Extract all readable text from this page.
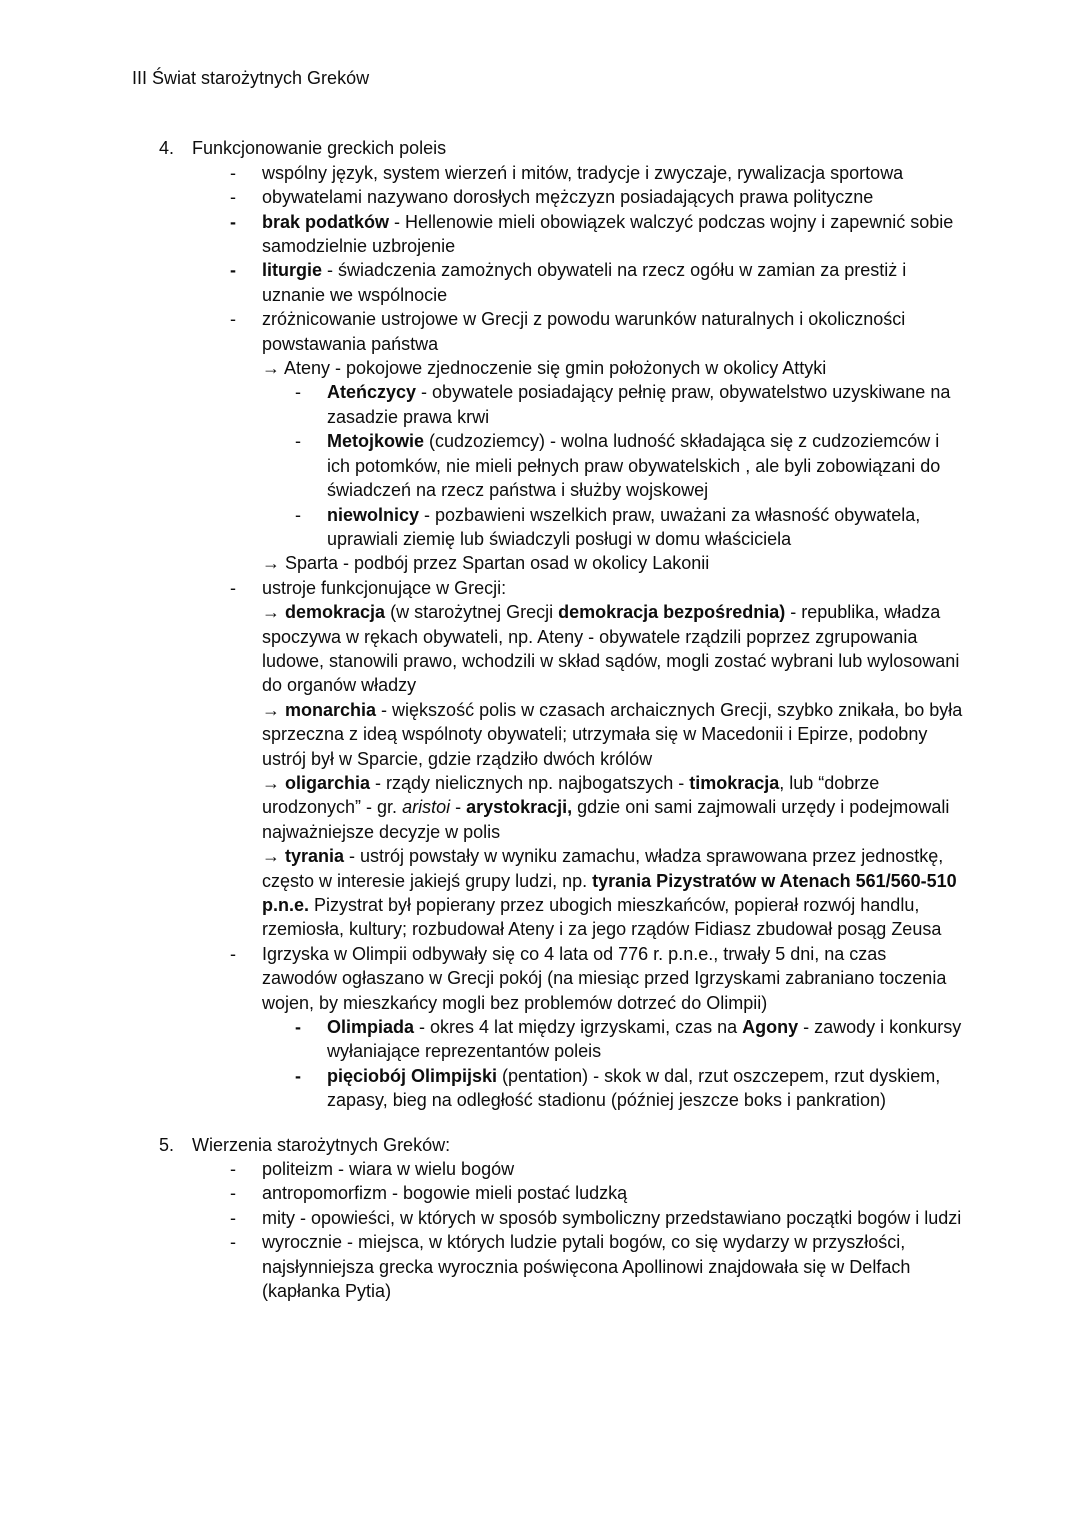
III Świat starożytnych Greków
4. Funkcjonowanie greckich poleis
-	wspólny język, system wierzeń i mitów, tradycje i zwyczaje, rywalizacja sportowa
-	obywatelami nazywano dorosłych mężczyzn posiadających prawa polityczne
-	brak podatków - Hellenowie mieli obowiązek walczyć podczas wojny i zapewnić sobie samodzielnie uzbrojenie
-	liturgie - świadczenia zamożnych obywateli na rzecz ogółu w zamian za prestiż i uznanie we wspólnocie
-	zróżnicowanie ustrojowe w Grecji z powodu warunków naturalnych i okoliczności powstawania państwa
→ Ateny - pokojowe zjednoczenie się gmin położonych w okolicy Attyki
-	Ateńczycy - obywatele posiadający pełnię praw, obywatelstwo uzyskiwane na zasadzie prawa krwi
-	Metojkowie (cudzoziemcy) - wolna ludność składająca się z cudzoziemców i ich potomków, nie mieli pełnych praw obywatelskich , ale byli zobowiązani do świadczeń na rzecz państwa i służby wojskowej
-	niewolnicy - pozbawieni wszelkich praw, uważani za własność obywatela, uprawiali ziemię lub świadczyli posługi w domu właściciela
→ Sparta - podbój przez Spartan osad w okolicy Lakonii
-	ustroje funkcjonujące w Grecji:
→ demokracja (w starożytnej Grecji demokracja bezpośrednia) - republika, władza spoczywa w rękach obywateli, np. Ateny - obywatele rządzili poprzez zgrupowania ludowe, stanowili prawo, wchodzili w skład sądów, mogli zostać wybrani lub wylosowani do organów władzy
→ monarchia - większość polis w czasach archaicznych Grecji, szybko znikała, bo była sprzeczna z ideą wspólnoty obywateli; utrzymała się w Macedonii i Epirze, podobny ustrój był w Sparcie, gdzie rządziło dwóch królów
→ oligarchia - rządy nielicznych np. najbogatszych - timokracja, lub “dobrze urodzonych” - gr. aristoi - arystokracji, gdzie oni sami zajmowali urzędy i podejmowali najważniejsze decyzje w polis
→ tyrania - ustrój powstały w wyniku zamachu, władza sprawowana przez jednostkę, często w interesie jakiejś grupy ludzi, np. tyrania Pizystratów w Atenach 561/560-510 p.n.e. Pizystrat był popierany przez ubogich mieszkańców, popierał rozwój handlu, rzemiosła, kultury; rozbudował Ateny i za jego rządów Fidiasz zbudował posąg Zeusa
-	Igrzyska w Olimpii odbywały się co 4 lata od 776 r. p.n.e., trwały 5 dni, na czas zawodów ogłaszano w Grecji pokój (na miesiąc przed Igrzyskami zabraniano toczenia wojen, by mieszkańcy mogli bez problemów dotrzeć do Olimpii)
-	Olimpiada - okres 4 lat między igrzyskami, czas na Agony - zawody i konkursy wyłaniające reprezentantów poleis
-	pięciobój Olimpijski (pentation) - skok w dal, rzut oszczepem, rzut dyskiem, zapasy, bieg na odległość stadionu (później jeszcze boks i pankration)
5. Wierzenia starożytnych Greków:
-	politeizm - wiara w wielu bogów
-	antropomorfizm - bogowie mieli postać ludzką
-	mity - opowieści, w których w sposób symboliczny przedstawiano początki bogów i ludzi
-	wyrocznie - miejsca, w których ludzie pytali bogów, co się wydarzy w przyszłości, najsłynniejsza grecka wyrocznia poświęcona Apollinowi znajdowała się w Delfach (kapłanka Pytia)
